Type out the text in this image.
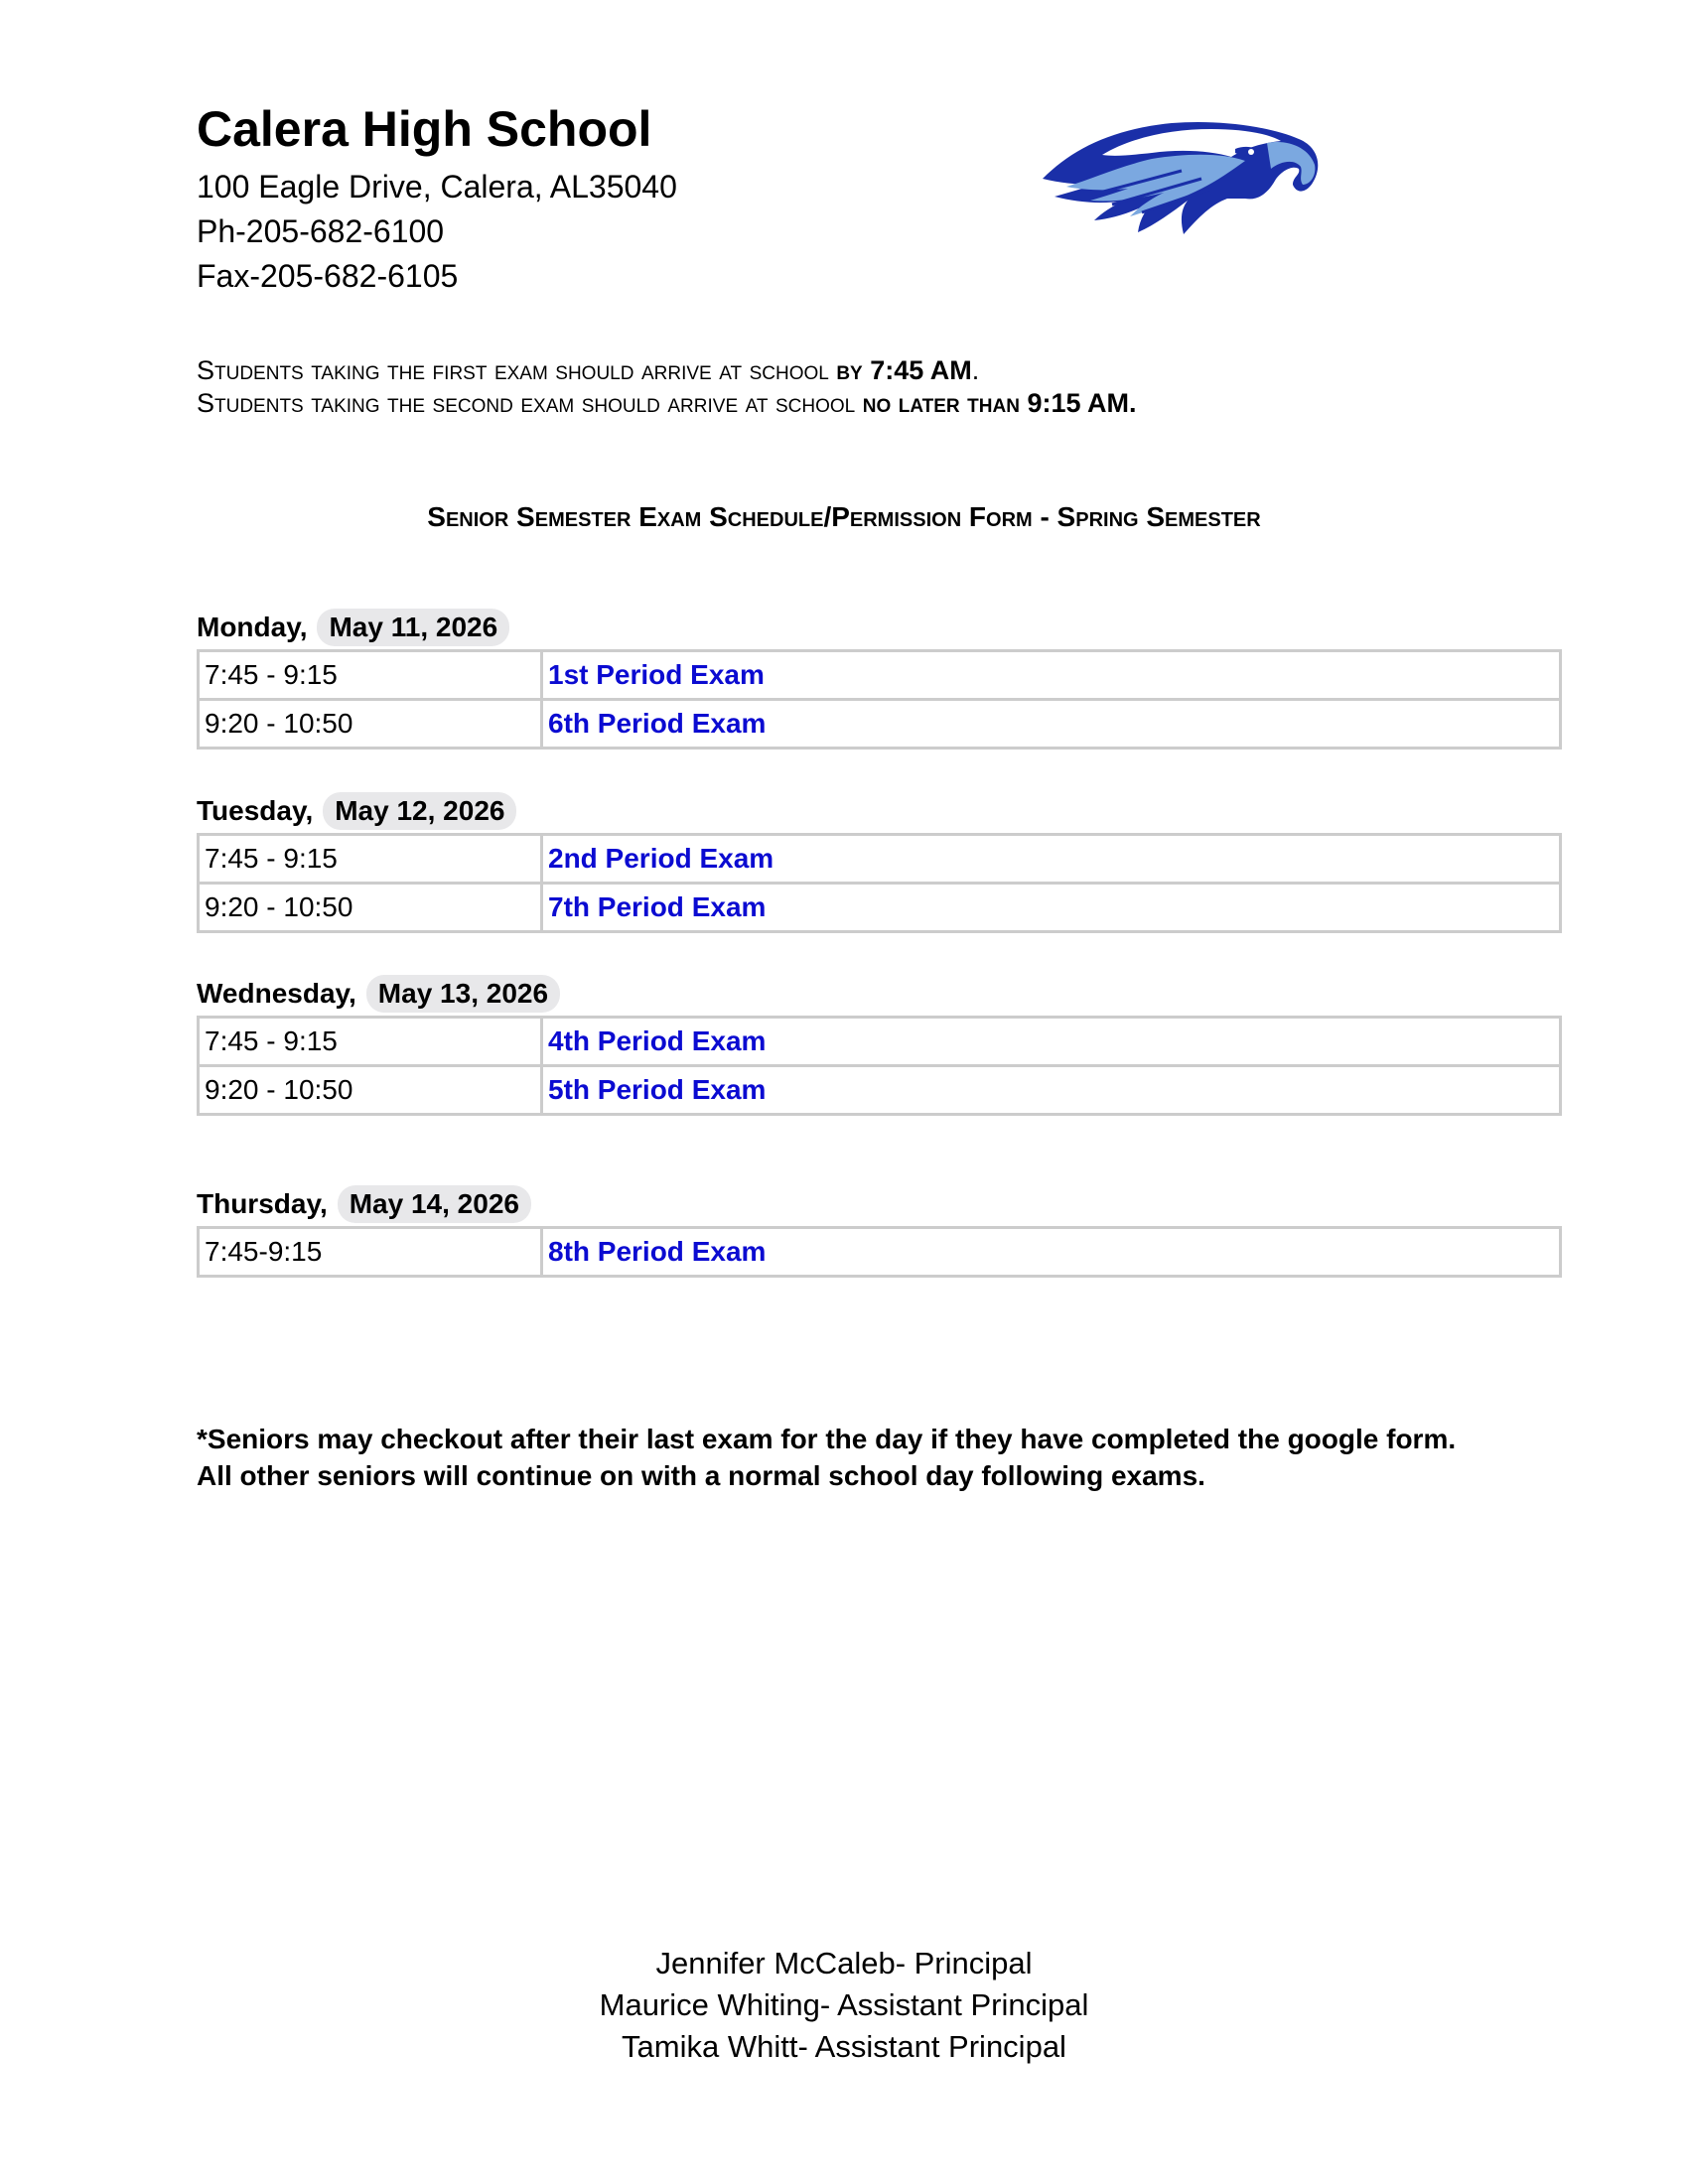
Calera High School
100 Eagle Drive, Calera, AL35040
Ph-205-682-6100
Fax-205-682-6105
Students taking the first exam should arrive at school by 7:45 AM.
Students taking the second exam should arrive at school no later than 9:15 AM.
Senior Semester Exam Schedule/Permission Form - Spring Semester
Monday, May 11, 2026
7:45 - 9:15	1st Period Exam
9:20 - 10:50	6th Period Exam
Tuesday, May 12, 2026
7:45 - 9:15	2nd Period Exam
9:20 - 10:50	7th Period Exam
Wednesday, May 13, 2026
7:45 - 9:15	4th Period Exam
9:20 - 10:50	5th Period Exam
Thursday, May 14, 2026
7:45-9:15	8th Period Exam
*Seniors may checkout after their last exam for the day if they have completed the google form.
All other seniors will continue on with a normal school day following exams.
Jennifer McCaleb- Principal
Maurice Whiting- Assistant Principal
Tamika Whitt- Assistant Principal
